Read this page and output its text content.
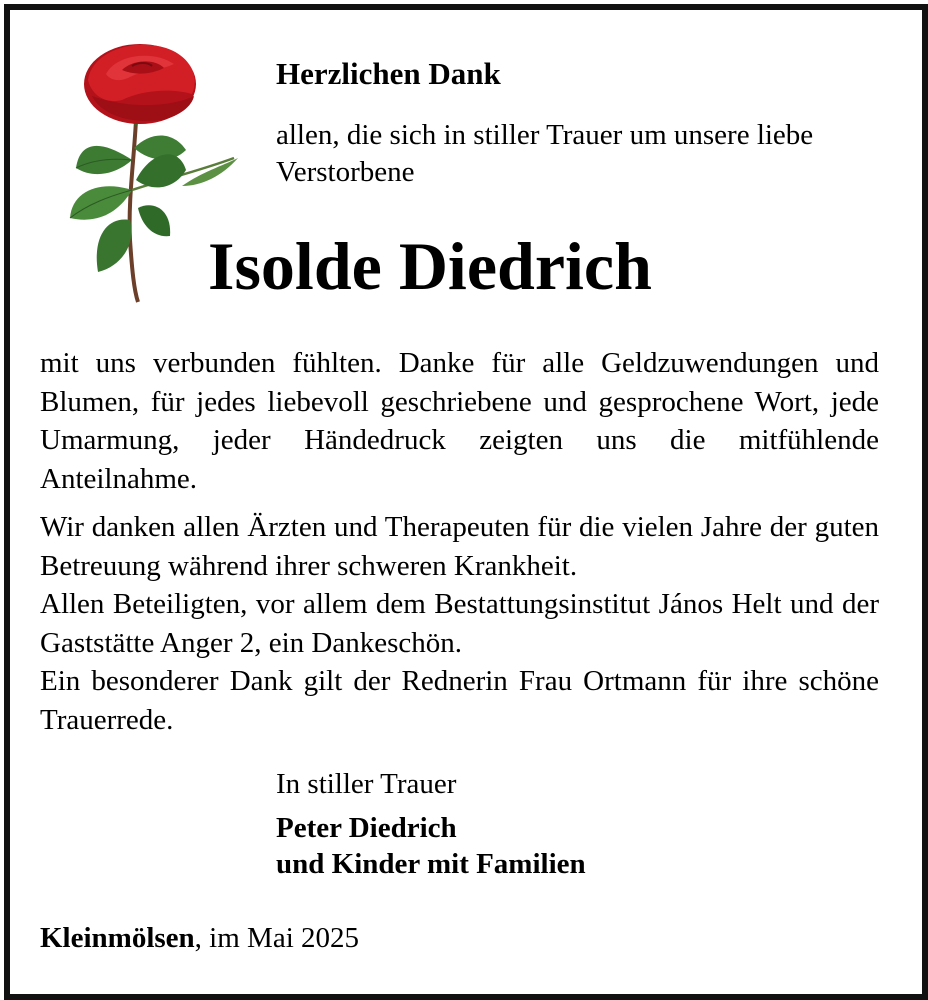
Herzlichen Dank
allen, die sich in stiller Trauer um unsere liebe Verstorbene
Isolde Diedrich

mit uns verbunden fühlten. Danke für alle Geldzuwendungen und Blumen, für jedes liebevoll geschriebene und gesprochene Wort, jede Umarmung, jeder Händedruck zeigten uns die mitfühlende Anteilnahme.

Wir danken allen Ärzten und Therapeuten für die vielen Jahre der guten Betreuung während ihrer schweren Krankheit.
Allen Beteiligten, vor allem dem Bestattungsinstitut János Helt und der Gaststätte Anger 2, ein Dankeschön.
Ein besonderer Dank gilt der Rednerin Frau Ortmann für ihre schöne Trauerrede.

In stiller Trauer
Peter Diedrich
und Kinder mit Familien
Kleinmölsen, im Mai 2025
